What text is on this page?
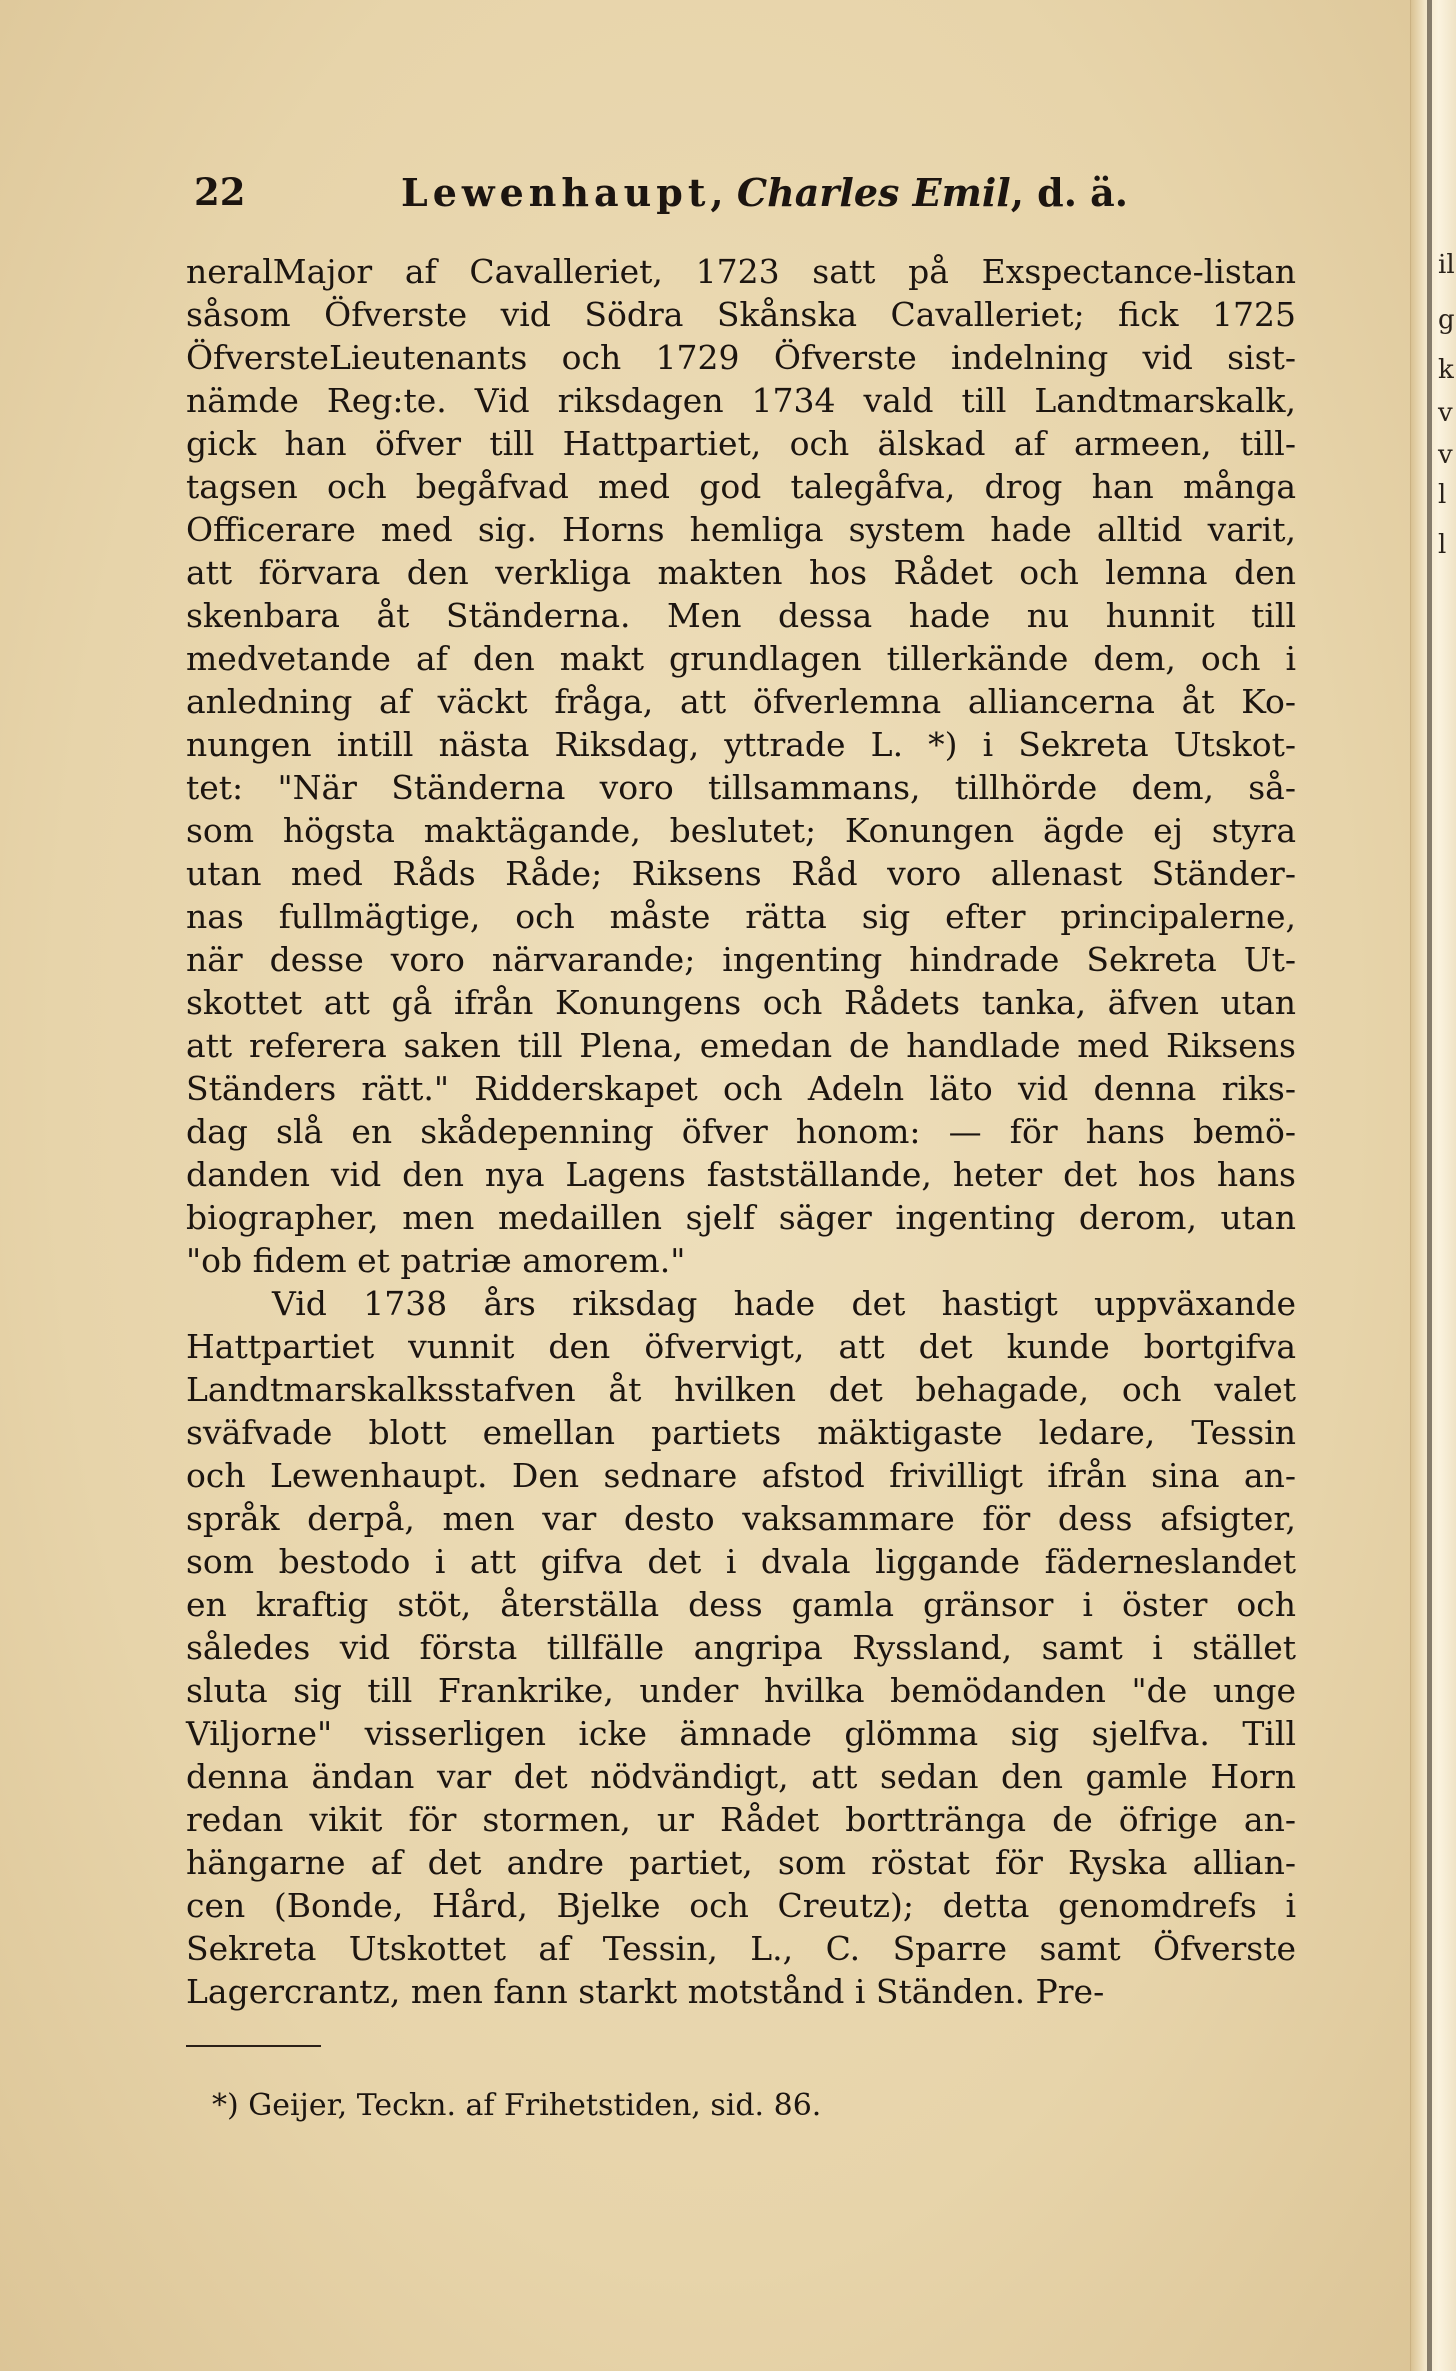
22	Lewenhaupt, Charles Emil, d. ä.
neralMajor af Cavalleriet, 1723 satt på Exspectance-listan
såsom Öfverste vid Södra Skånska Cavalleriet; fick 1725
ÖfversteLieutenants och 1729 Öfverste indelning vid sist-
nämde Reg:te. Vid riksdagen 1734 vald till Landtmarskalk,
gick han öfver till Hattpartiet, och älskad af armeen, till-
tagsen och begåfvad med god talegåfva, drog han många
Officerare med sig. Horns hemliga system hade alltid varit,
att förvara den verkliga makten hos Rådet och lemna den
skenbara åt Ständerna. Men dessa hade nu hunnit till
medvetande af den makt grundlagen tillerkände dem, och i
anledning af väckt fråga, att öfverlemna alliancerna åt Ko-
nungen intill nästa Riksdag, yttrade L. *) i Sekreta Utskot-
tet: "När Ständerna voro tillsammans, tillhörde dem, så-
som högsta maktägande, beslutet; Konungen ägde ej styra
utan med Råds Råde; Riksens Råd voro allenast Ständer-
nas fullmägtige, och måste rätta sig efter principalerne,
när desse voro närvarande; ingenting hindrade Sekreta Ut-
skottet att gå ifrån Konungens och Rådets tanka, äfven utan
att referera saken till Plena, emedan de handlade med Riksens
Ständers rätt." Ridderskapet och Adeln läto vid denna riks-
dag slå en skådepenning öfver honom: — för hans bemö-
danden vid den nya Lagens fastställande, heter det hos hans
biographer, men medaillen sjelf säger ingenting derom, utan
"ob fidem et patriæ amorem."
Vid 1738 års riksdag hade det hastigt uppväxande
Hattpartiet vunnit den öfvervigt, att det kunde bortgifva
Landtmarskalksstafven åt hvilken det behagade, och valet
sväfvade blott emellan partiets mäktigaste ledare, Tessin
och Lewenhaupt. Den sednare afstod frivilligt ifrån sina an-
språk derpå, men var desto vaksammare för dess afsigter,
som bestodo i att gifva det i dvala liggande fäderneslandet
en kraftig stöt, återställa dess gamla gränsor i öster och
således vid första tillfälle angripa Ryssland, samt i stället
sluta sig till Frankrike, under hvilka bemödanden "de unge
Viljorne" visserligen icke ämnade glömma sig sjelfva. Till
denna ändan var det nödvändigt, att sedan den gamle Horn
redan vikit för stormen, ur Rådet borttränga de öfrige an-
hängarne af det andre partiet, som röstat för Ryska allian-
cen (Bonde, Hård, Bjelke och Creutz); detta genomdrefs i
Sekreta Utskottet af Tessin, L., C. Sparre samt Öfverste
Lagercrantz, men fann starkt motstånd i Ständen. Pre-
*) Geijer, Teckn. af Frihetstiden, sid. 86.
il
g
k
v
v
l
l
